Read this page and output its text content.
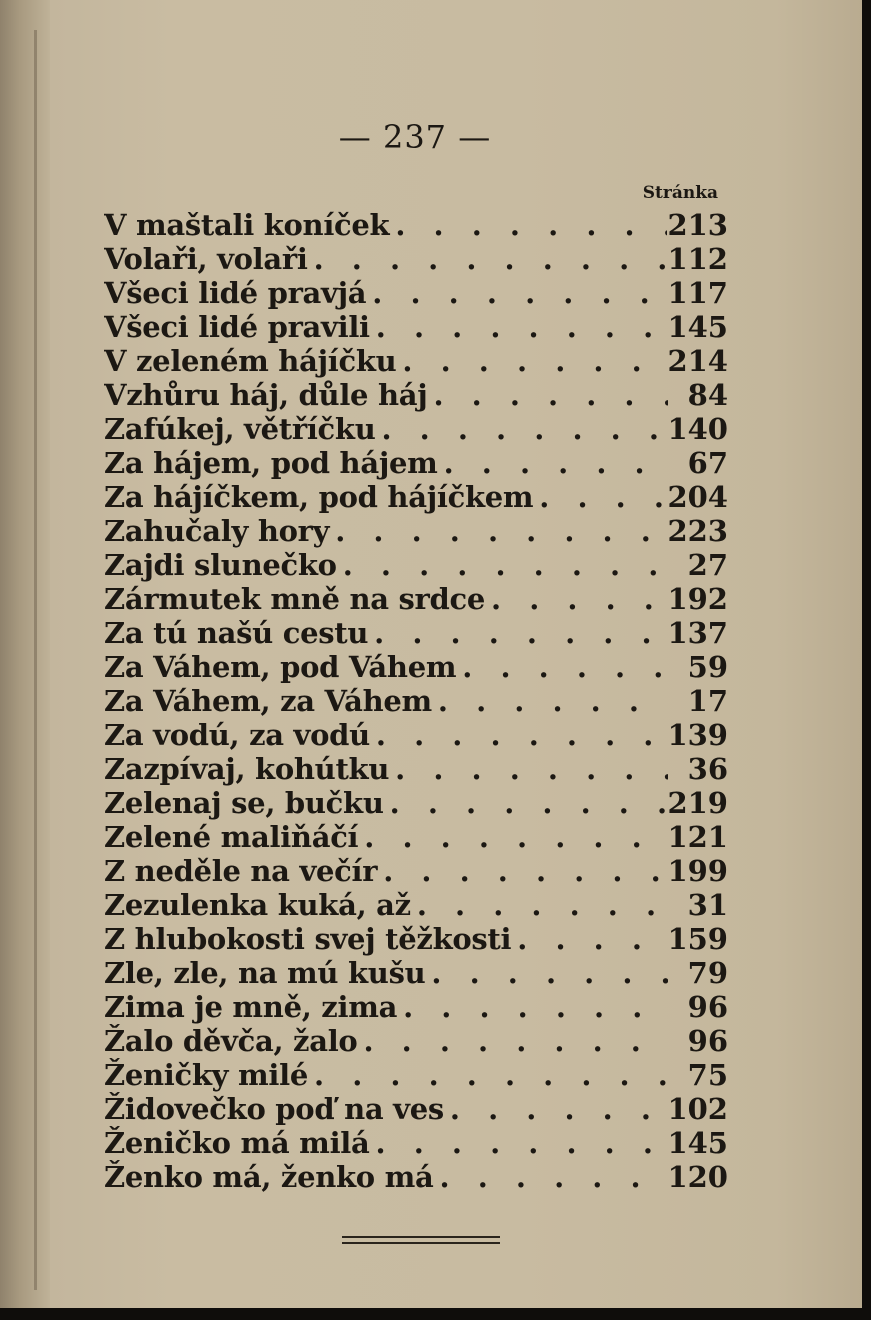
— 237 —
Stránka
V maštali koníček . . .	213
Volaři, volaři . . .	112
Všeci lidé pravjá . . .	117
Všeci lidé pravili . . .	145
V zeleném hájíčku . . .	214
Vzhůru háj, důle háj . . .	84
Zafúkej, větříčku . . .	140
Za hájem, pod hájem . . .	67
Za hájíčkem, pod hájíčkem . . .	204
Zahučaly hory . . .	223
Zajdi slunečko . . .	27
Zármutek mně na srdce . . .	192
Za tú našú cestu . . .	137
Za Váhem, pod Váhem . . .	59
Za Váhem, za Váhem . . .	17
Za vodú, za vodú . . .	139
Zazpívaj, kohútku . . .	36
Zelenaj se, bučku . . .	219
Zelené maliňáčí . . .	121
Z neděle na večír . . .	199
Zezulenka kuká, až . . .	31
Z hlubokosti svej těžkosti . . .	159
Zle, zle, na mú kušu . . .	79
Zima je mně, zima . . .	96
Žalo děvča, žalo . . .	96
Ženičky milé . . .	75
Židovečko poď na ves . . .	102
Ženičko má milá . . .	145
Ženko má, ženko má . . .	120
